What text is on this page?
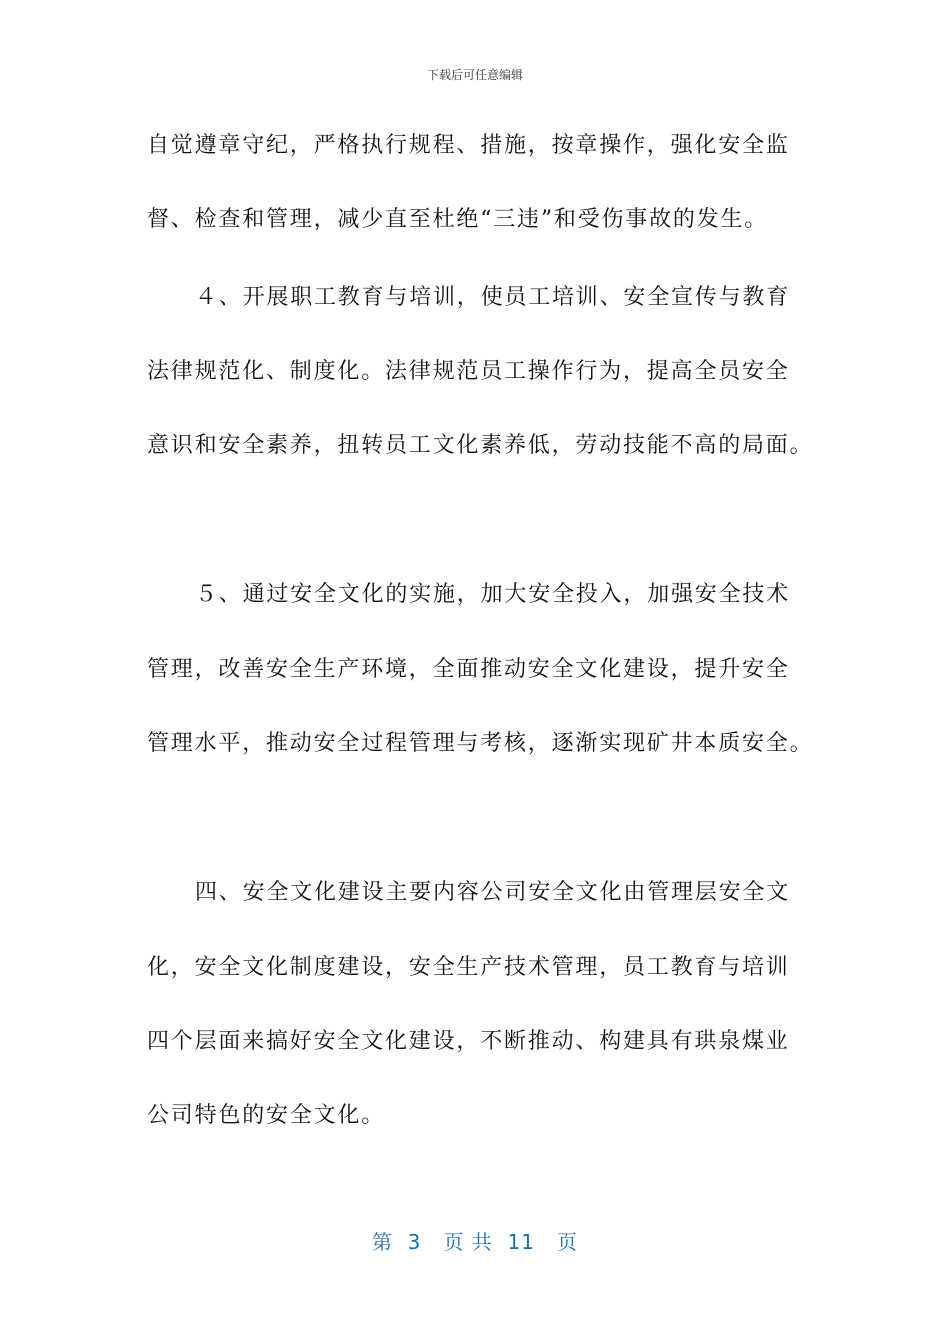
下载后可任意编辑
自觉遵章守纪，严格执行规程、措施，按章操作，强化安全监
督、检查和管理，减少直至杜绝“三违”和受伤事故的发生。
４、开展职工教育与培训，使员工培训、安全宣传与教育
法律规范化、制度化。法律规范员工操作行为，提高全员安全
意识和安全素养，扭转员工文化素养低，劳动技能不高的局面。
５、通过安全文化的实施，加大安全投入，加强安全技术
管理，改善安全生产环境，全面推动安全文化建设，提升安全
管理水平，推动安全过程管理与考核，逐渐实现矿井本质安全。
四、安全文化建设主要内容公司安全文化由管理层安全文
化，安全文化制度建设，安全生产技术管理，员工教育与培训
四个层面来搞好安全文化建设，不断推动、构建具有珙泉煤业
公司特色的安全文化。
第  3   页 共  11   页
